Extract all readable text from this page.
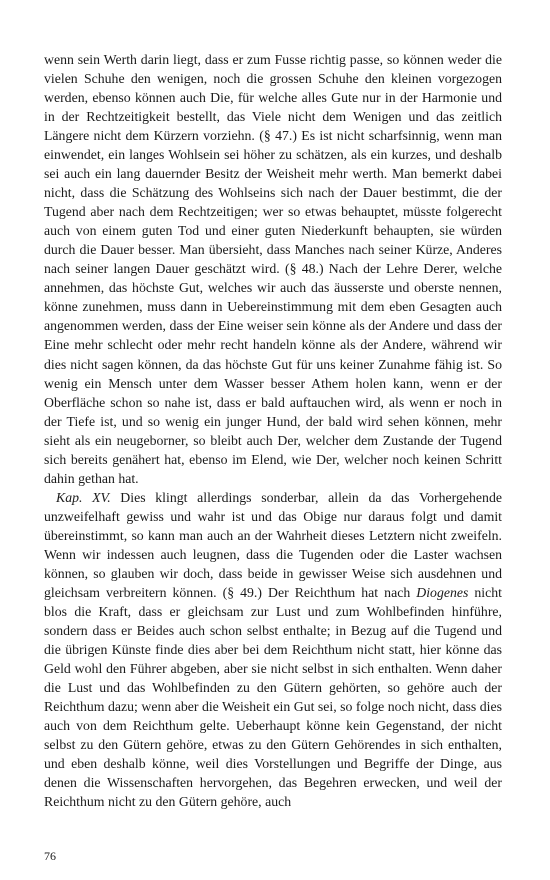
wenn sein Werth darin liegt, dass er zum Fusse richtig passe, so können weder die vielen Schuhe den wenigen, noch die grossen Schuhe den kleinen vorgezogen werden, ebenso können auch Die, für welche alles Gute nur in der Harmonie und in der Rechtzeitigkeit bestellt, das Viele nicht dem Wenigen und das zeitlich Längere nicht dem Kürzern vorziehn. (§ 47.) Es ist nicht scharfsinnig, wenn man einwendet, ein langes Wohlsein sei höher zu schätzen, als ein kurzes, und deshalb sei auch ein lang dauernder Besitz der Weisheit mehr werth. Man bemerkt dabei nicht, dass die Schätzung des Wohlseins sich nach der Dauer bestimmt, die der Tugend aber nach dem Rechtzeitigen; wer so etwas behauptet, müsste folgerecht auch von einem guten Tod und einer guten Niederkunft behaupten, sie würden durch die Dauer besser. Man übersieht, dass Manches nach seiner Kürze, Anderes nach seiner langen Dauer geschätzt wird. (§ 48.) Nach der Lehre Derer, welche annehmen, das höchste Gut, welches wir auch das äusserste und oberste nennen, könne zunehmen, muss dann in Uebereinstimmung mit dem eben Gesagten auch angenommen werden, dass der Eine weiser sein könne als der Andere und dass der Eine mehr schlecht oder mehr recht handeln könne als der Andere, während wir dies nicht sagen können, da das höchste Gut für uns keiner Zunahme fähig ist. So wenig ein Mensch unter dem Wasser besser Athem holen kann, wenn er der Oberfläche schon so nahe ist, dass er bald auftauchen wird, als wenn er noch in der Tiefe ist, und so wenig ein junger Hund, der bald wird sehen können, mehr sieht als ein neugeborner, so bleibt auch Der, welcher dem Zustande der Tugend sich bereits genähert hat, ebenso im Elend, wie Der, welcher noch keinen Schritt dahin gethan hat.

Kap. XV. Dies klingt allerdings sonderbar, allein da das Vorhergehende unzweifelhaft gewiss und wahr ist und das Obige nur daraus folgt und damit übereinstimmt, so kann man auch an der Wahrheit dieses Letztern nicht zweifeln. Wenn wir indessen auch leugnen, dass die Tugenden oder die Laster wachsen können, so glauben wir doch, dass beide in gewisser Weise sich ausdehnen und gleichsam verbreitern können. (§ 49.) Der Reichthum hat nach Diogenes nicht blos die Kraft, dass er gleichsam zur Lust und zum Wohlbefinden hinführe, sondern dass er Beides auch schon selbst enthalte; in Bezug auf die Tugend und die übrigen Künste finde dies aber bei dem Reichthum nicht statt, hier könne das Geld wohl den Führer abgeben, aber sie nicht selbst in sich enthalten. Wenn daher die Lust und das Wohlbefinden zu den Gütern gehörten, so gehöre auch der Reichthum dazu; wenn aber die Weisheit ein Gut sei, so folge noch nicht, dass dies auch von dem Reichthum gelte. Ueberhaupt könne kein Gegenstand, der nicht selbst zu den Gütern gehöre, etwas zu den Gütern Gehörendes in sich enthalten, und eben deshalb könne, weil dies Vorstellungen und Begriffe der Dinge, aus denen die Wissenschaften hervorgehen, das Begehren erwecken, und weil der Reichthum nicht zu den Gütern gehöre, auch

76
